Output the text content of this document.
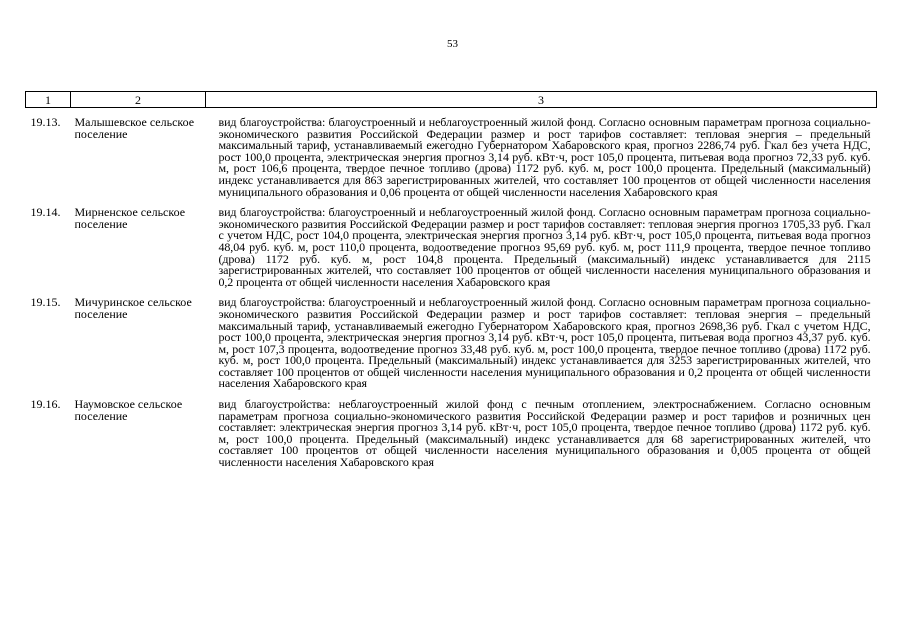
53
1	2	3

19.13.	Малышевское сельское поселение	вид благоустройства: благоустроенный и неблагоустроенный жилой фонд. Согласно основным параметрам прогноза социально-экономического развития Российской Федерации размер и рост тарифов составляет: тепловая энергия – предельный максимальный тариф, устанавливаемый ежегодно Губернатором Хабаровского края, прогноз 2286,74 руб. Гкал без учета НДС, рост 100,0 процента, электрическая энергия прогноз 3,14 руб. кВт·ч, рост 105,0 процента, питьевая вода прогноз 72,33 руб. куб. м, рост 106,6 процента, твердое печное топливо (дрова) 1172 руб. куб. м, рост 100,0 процента. Предельный (максимальный) индекс устанавливается для 863 зарегистрированных жителей, что составляет 100 процентов от общей численности населения муниципального образования и 0,06 процента от общей численности населения Хабаровского края

19.14.	Мирненское сельское поселение	вид благоустройства: благоустроенный и неблагоустроенный жилой фонд. Согласно основным параметрам прогноза социально-экономического развития Российской Федерации размер и рост тарифов составляет: тепловая энергия прогноз 1705,33 руб. Гкал с учетом НДС, рост 104,0 процента, электрическая энергия прогноз 3,14 руб. кВт·ч, рост 105,0 процента, питьевая вода прогноз 48,04 руб. куб. м, рост 110,0 процента, водоотведение прогноз 95,69 руб. куб. м, рост 111,9 процента, твердое печное топливо (дрова) 1172 руб. куб. м, рост 104,8 процента. Предельный (максимальный) индекс устанавливается для 2115 зарегистрированных жителей, что составляет 100 процентов от общей численности населения муниципального образования и 0,2 процента от общей численности населения Хабаровского края

19.15.	Мичуринское сельское поселение	вид благоустройства: благоустроенный и неблагоустроенный жилой фонд. Согласно основным параметрам прогноза социально-экономического развития Российской Федерации размер и рост тарифов составляет: тепловая энергия – предельный максимальный тариф, устанавливаемый ежегодно Губернатором Хабаровского края, прогноз 2698,36 руб. Гкал с учетом НДС, рост 100,0 процента, электрическая энергия прогноз 3,14 руб. кВт·ч, рост 105,0 процента, питьевая вода прогноз 43,37 руб. куб. м, рост 107,3 процента, водоотведение прогноз 33,48 руб. куб. м, рост 100,0 процента, твердое печное топливо (дрова) 1172 руб. куб. м, рост 100,0 процента. Предельный (максимальный) индекс устанавливается для 3253 зарегистрированных жителей, что составляет 100 процентов от общей численности населения муниципального образования и 0,2 процента от общей численности населения Хабаровского края

19.16.	Наумовское сельское поселение	вид благоустройства: неблагоустроенный жилой фонд с печным отоплением, электроснабжением. Согласно основным параметрам прогноза социально-экономического развития Российской Федерации размер и рост тарифов и розничных цен составляет: электрическая энергия прогноз 3,14 руб. кВт·ч, рост 105,0 процента, твердое печное топливо (дрова) 1172 руб. куб. м, рост 100,0 процента. Предельный (максимальный) индекс устанавливается для 68 зарегистрированных жителей, что составляет 100 процентов от общей численности населения муниципального образования и 0,005 процента от общей численности населения Хабаровского края
